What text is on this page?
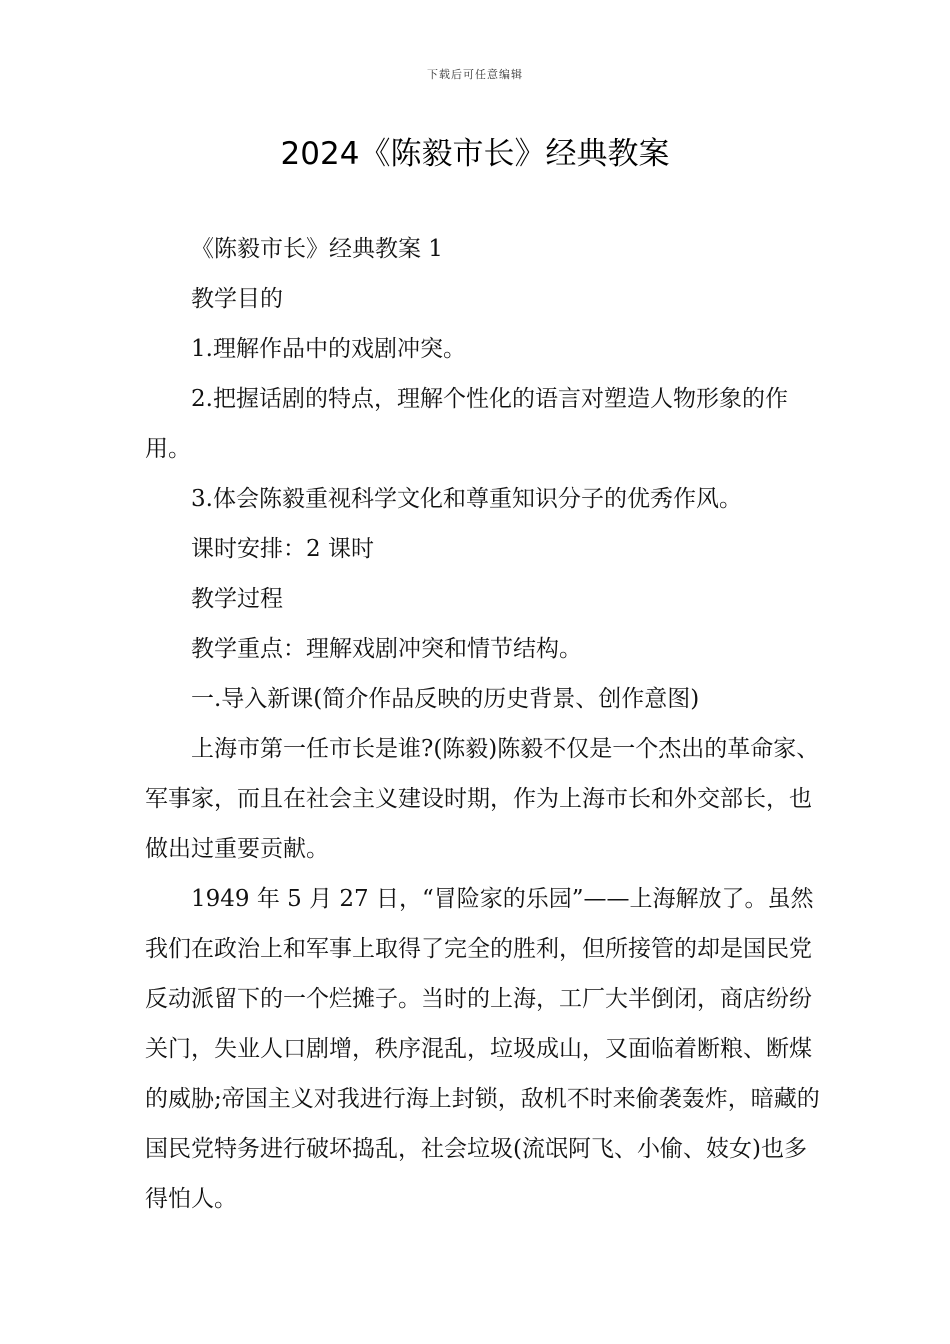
下载后可任意编辑
2024《陈毅市长》经典教案

《陈毅市长》经典教案 1

教学目的

1.理解作品中的戏剧冲突。

2.把握话剧的特点，理解个性化的语言对塑造人物形象的作用。

3.体会陈毅重视科学文化和尊重知识分子的优秀作风。

课时安排：2 课时

教学过程

教学重点：理解戏剧冲突和情节结构。

一.导入新课(简介作品反映的历史背景、创作意图)

上海市第一任市长是谁?(陈毅)陈毅不仅是一个杰出的革命家、军事家，而且在社会主义建设时期，作为上海市长和外交部长，也做出过重要贡献。

1949 年 5 月 27 日，“冒险家的乐园”——上海解放了。虽然我们在政治上和军事上取得了完全的胜利，但所接管的却是国民党反动派留下的一个烂摊子。当时的上海，工厂大半倒闭，商店纷纷关门，失业人口剧增，秩序混乱，垃圾成山，又面临着断粮、断煤的威胁;帝国主义对我进行海上封锁，敌机不时来偷袭轰炸，暗藏的国民党特务进行破坏捣乱，社会垃圾(流氓阿飞、小偷、妓女)也多得怕人。
